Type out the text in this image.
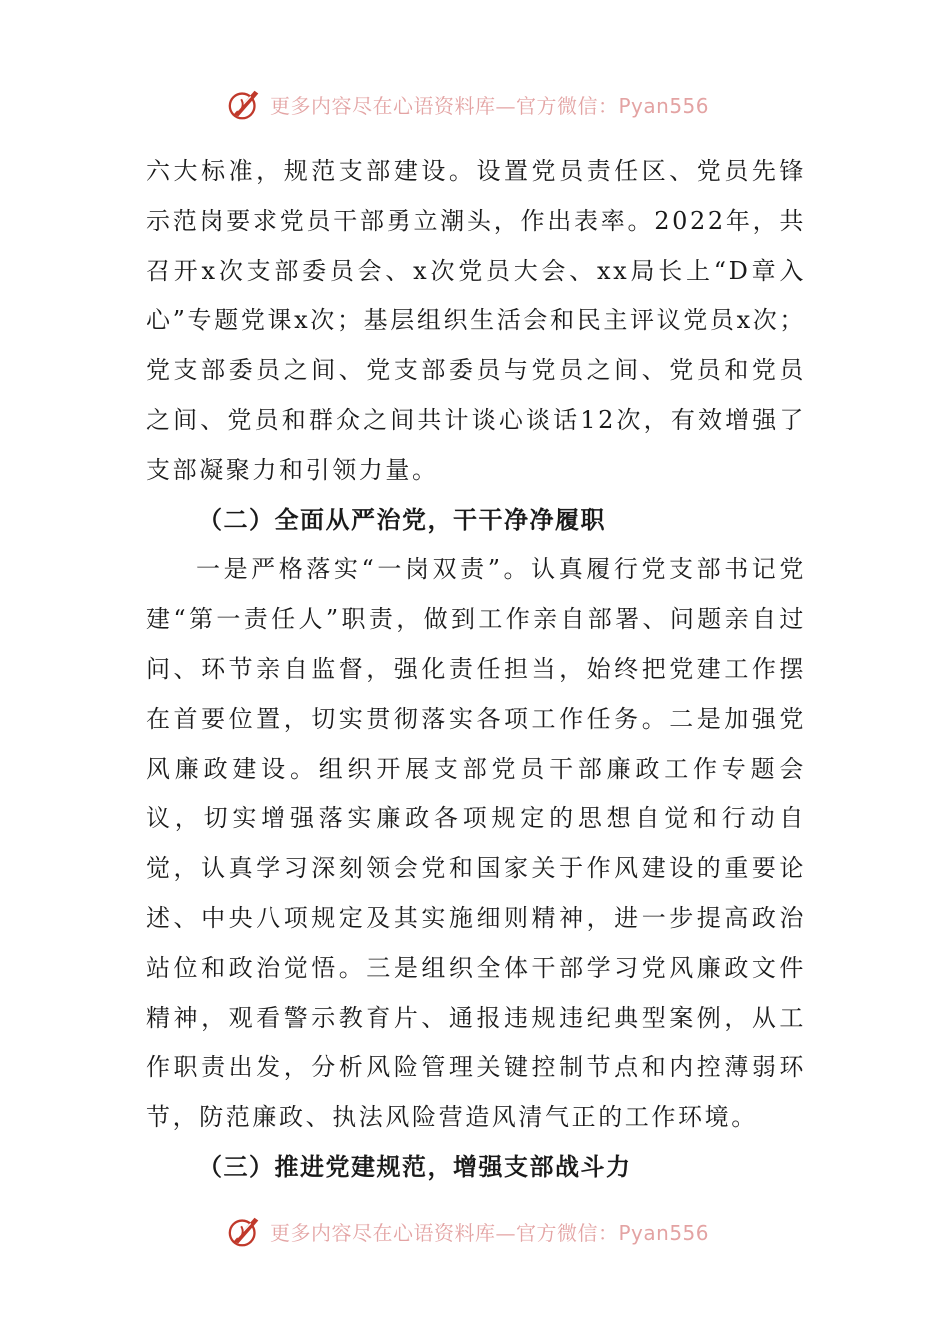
更多内容尽在心语资料库—官方微信：Pyan556

六大标准，规范支部建设。设置党员责任区、党员先锋示范岗要求党员干部勇立潮头，作出表率。2022年，共召开x次支部委员会、x次党员大会、xx局长上“D章入心”专题党课x次；基层组织生活会和民主评议党员x次；党支部委员之间、党支部委员与党员之间、党员和党员之间、党员和群众之间共计谈心谈话12次，有效增强了支部凝聚力和引领力量。

（二）全面从严治党，干干净净履职

一是严格落实“一岗双责”。认真履行党支部书记党建“第一责任人”职责，做到工作亲自部署、问题亲自过问、环节亲自监督，强化责任担当，始终把党建工作摆在首要位置，切实贯彻落实各项工作任务。二是加强党风廉政建设。组织开展支部党员干部廉政工作专题会议，切实增强落实廉政各项规定的思想自觉和行动自觉，认真学习深刻领会党和国家关于作风建设的重要论述、中央八项规定及其实施细则精神，进一步提高政治站位和政治觉悟。三是组织全体干部学习党风廉政文件精神，观看警示教育片、通报违规违纪典型案例，从工作职责出发，分析风险管理关键控制节点和内控薄弱环节，防范廉政、执法风险营造风清气正的工作环境。

（三）推进党建规范，增强支部战斗力

更多内容尽在心语资料库—官方微信：Pyan556
